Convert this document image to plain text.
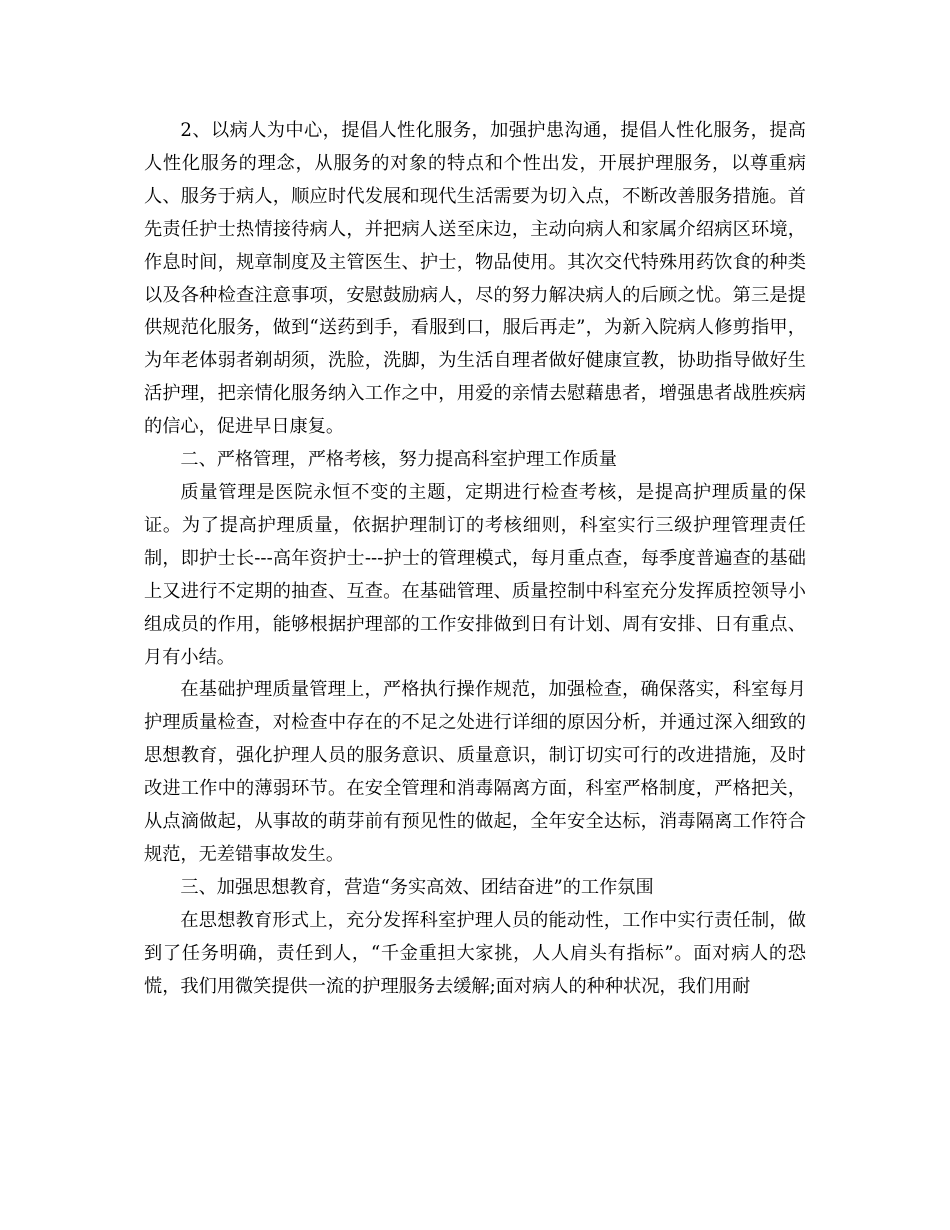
2、以病人为中心，提倡人性化服务，加强护患沟通，提倡人性化服务，提高人性化服务的理念，从服务的对象的特点和个性出发，开展护理服务，以尊重病人、服务于病人，顺应时代发展和现代生活需要为切入点，不断改善服务措施。首先责任护士热情接待病人，并把病人送至床边，主动向病人和家属介绍病区环境，作息时间，规章制度及主管医生、护士，物品使用。其次交代特殊用药饮食的种类以及各种检查注意事项，安慰鼓励病人，尽的努力解决病人的后顾之忧。第三是提供规范化服务，做到“送药到手，看服到口，服后再走”，为新入院病人修剪指甲，为年老体弱者剃胡须，洗脸，洗脚，为生活自理者做好健康宣教，协助指导做好生活护理，把亲情化服务纳入工作之中，用爱的亲情去慰藉患者，增强患者战胜疾病的信心，促进早日康复。

二、严格管理，严格考核，努力提高科室护理工作质量

质量管理是医院永恒不变的主题，定期进行检查考核，是提高护理质量的保证。为了提高护理质量，依据护理制订的考核细则，科室实行三级护理管理责任制，即护士长---高年资护士---护士的管理模式，每月重点查，每季度普遍查的基础上又进行不定期的抽查、互查。在基础管理、质量控制中科室充分发挥质控领导小组成员的作用，能够根据护理部的工作安排做到日有计划、周有安排、日有重点、月有小结。

在基础护理质量管理上，严格执行操作规范，加强检查，确保落实，科室每月护理质量检查，对检查中存在的不足之处进行详细的原因分析，并通过深入细致的思想教育，强化护理人员的服务意识、质量意识，制订切实可行的改进措施，及时改进工作中的薄弱环节。在安全管理和消毒隔离方面，科室严格制度，严格把关，从点滴做起，从事故的萌芽前有预见性的做起，全年安全达标，消毒隔离工作符合规范，无差错事故发生。

三、加强思想教育，营造“务实高效、团结奋进”的工作氛围

在思想教育形式上，充分发挥科室护理人员的能动性，工作中实行责任制，做到了任务明确，责任到人，“千金重担大家挑，人人肩头有指标”。面对病人的恐慌，我们用微笑提供一流的护理服务去缓解;面对病人的种种状况，我们用耐
